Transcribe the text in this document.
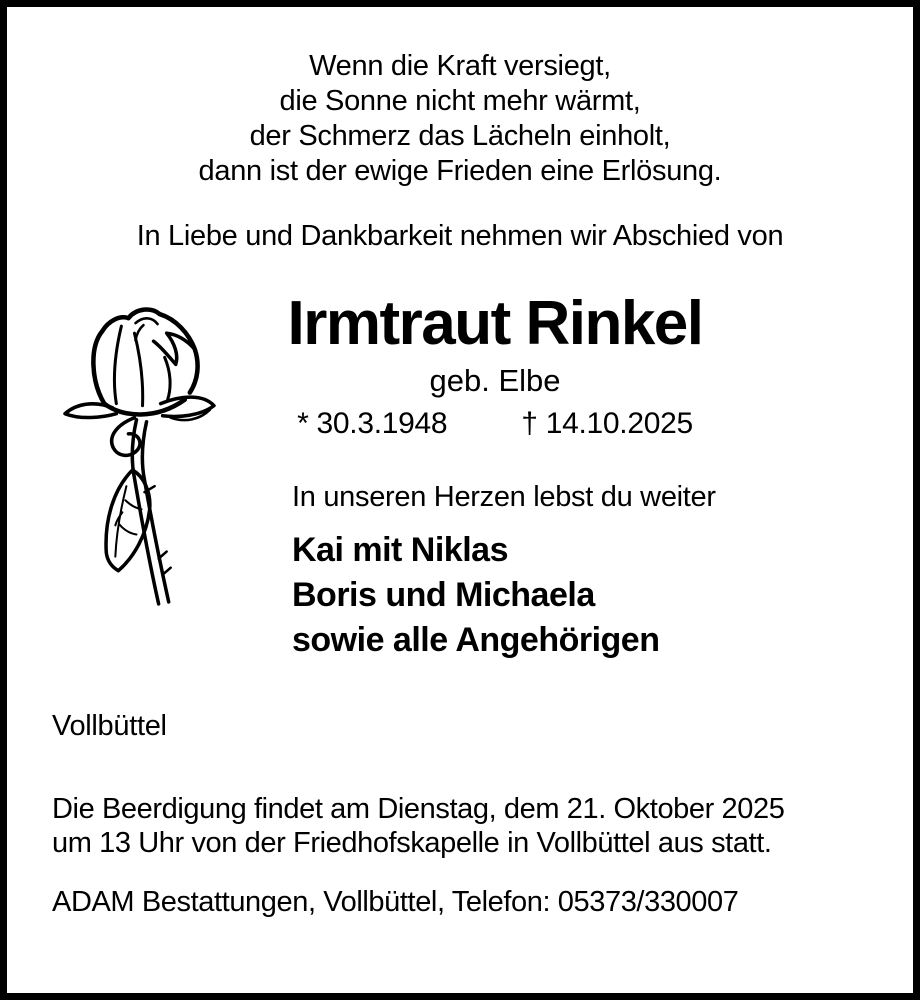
Wenn die Kraft versiegt,
die Sonne nicht mehr wärmt,
der Schmerz das Lächeln einholt,
dann ist der ewige Frieden eine Erlösung.
In Liebe und Dankbarkeit nehmen wir Abschied von
Irmtraut Rinkel
geb. Elbe
* 30.3.1948 † 14.10.2025
In unseren Herzen lebst du weiter
Kai mit Niklas
Boris und Michaela
sowie alle Angehörigen
Vollbüttel
Die Beerdigung findet am Dienstag, dem 21. Oktober 2025
um 13 Uhr von der Friedhofskapelle in Vollbüttel aus statt.
ADAM Bestattungen, Vollbüttel, Telefon: 05373/330007
